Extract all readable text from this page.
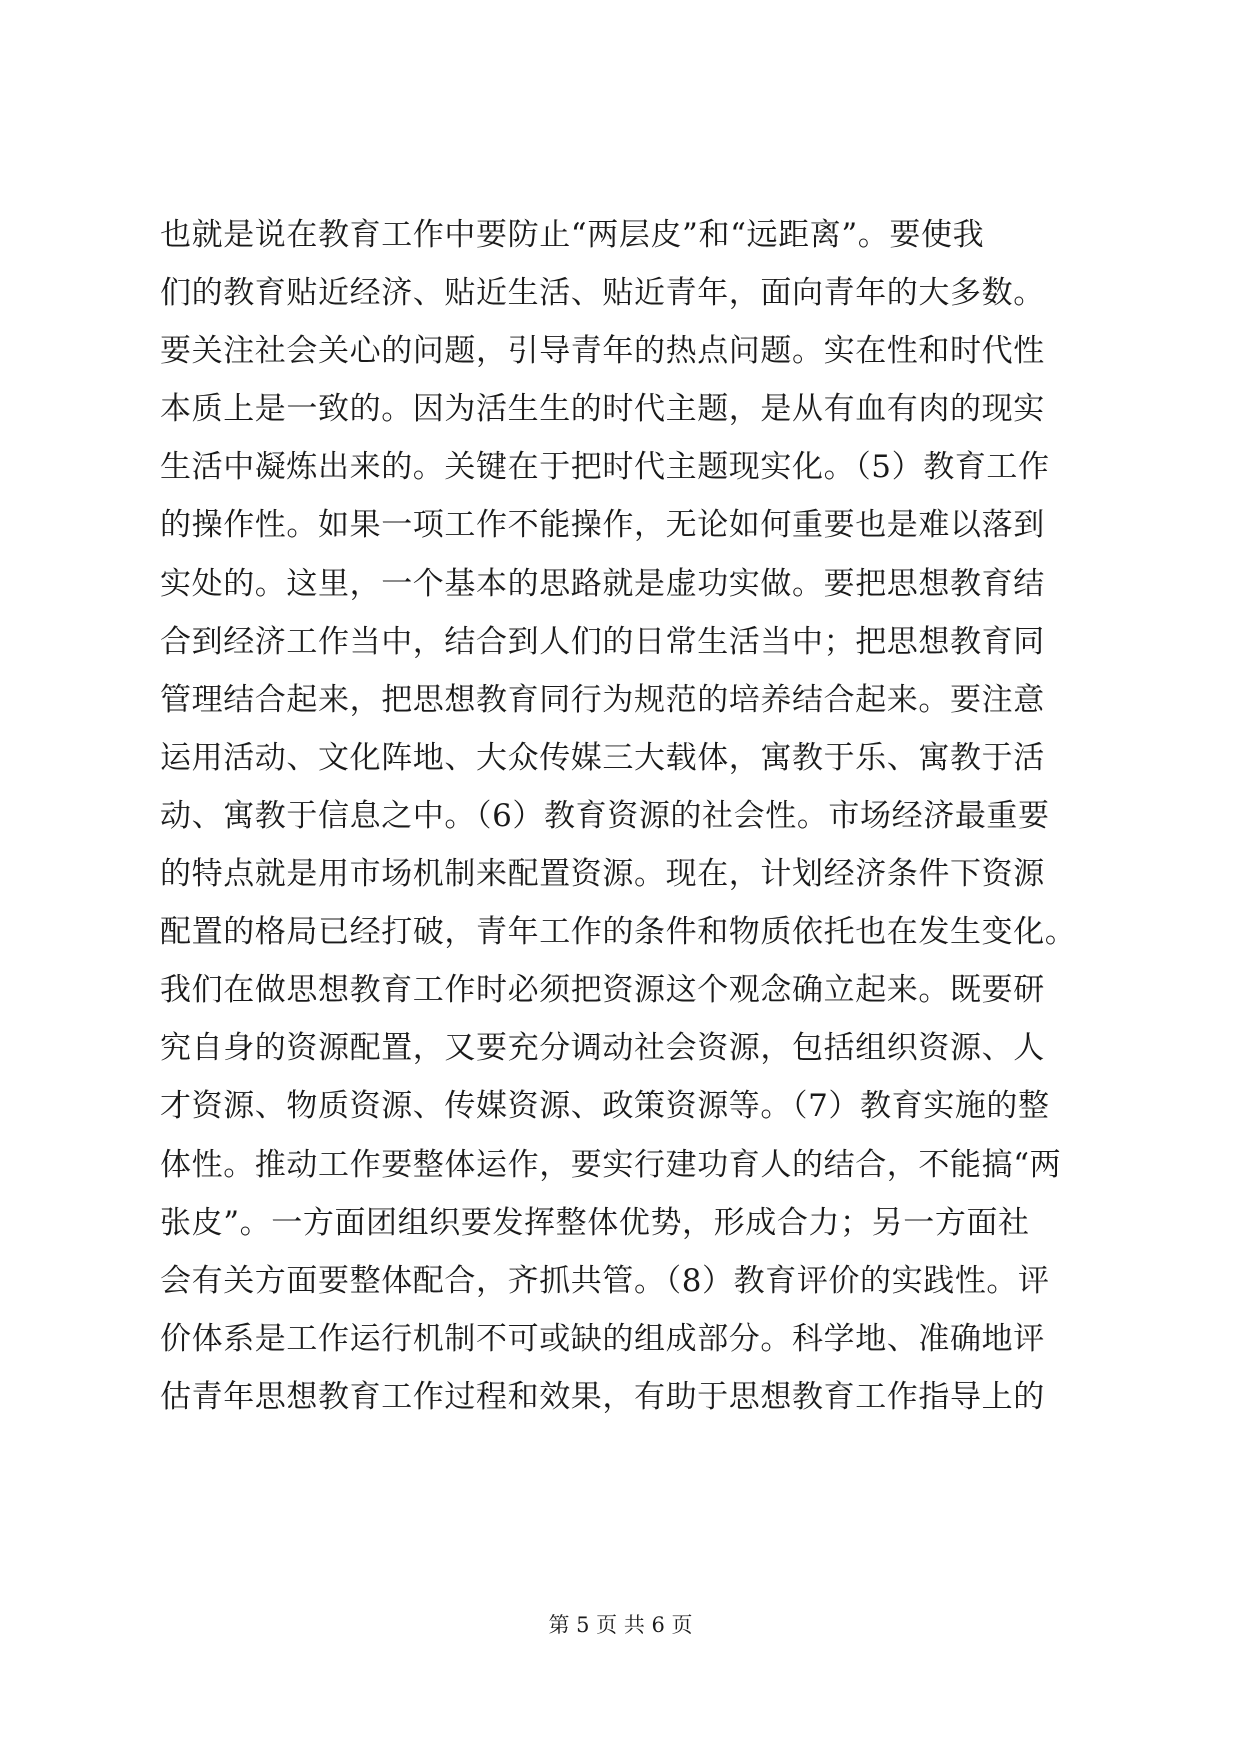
也就是说在教育工作中要防止“两层皮”和“远距离”。要使我
们的教育贴近经济、贴近生活、贴近青年，面向青年的大多数。
要关注社会关心的问题，引导青年的热点问题。实在性和时代性
本质上是一致的。因为活生生的时代主题，是从有血有肉的现实
生活中凝炼出来的。关键在于把时代主题现实化。（5）教育工作
的操作性。如果一项工作不能操作，无论如何重要也是难以落到
实处的。这里，一个基本的思路就是虚功实做。要把思想教育结
合到经济工作当中，结合到人们的日常生活当中；把思想教育同
管理结合起来，把思想教育同行为规范的培养结合起来。要注意
运用活动、文化阵地、大众传媒三大载体，寓教于乐、寓教于活
动、寓教于信息之中。（6）教育资源的社会性。市场经济最重要
的特点就是用市场机制来配置资源。现在，计划经济条件下资源
配置的格局已经打破，青年工作的条件和物质依托也在发生变化。
我们在做思想教育工作时必须把资源这个观念确立起来。既要研
究自身的资源配置，又要充分调动社会资源，包括组织资源、人
才资源、物质资源、传媒资源、政策资源等。（7）教育实施的整
体性。推动工作要整体运作，要实行建功育人的结合，不能搞“两
张皮”。一方面团组织要发挥整体优势，形成合力；另一方面社
会有关方面要整体配合，齐抓共管。（8）教育评价的实践性。评
价体系是工作运行机制不可或缺的组成部分。科学地、准确地评
估青年思想教育工作过程和效果，有助于思想教育工作指导上的
第 5 页 共 6 页
